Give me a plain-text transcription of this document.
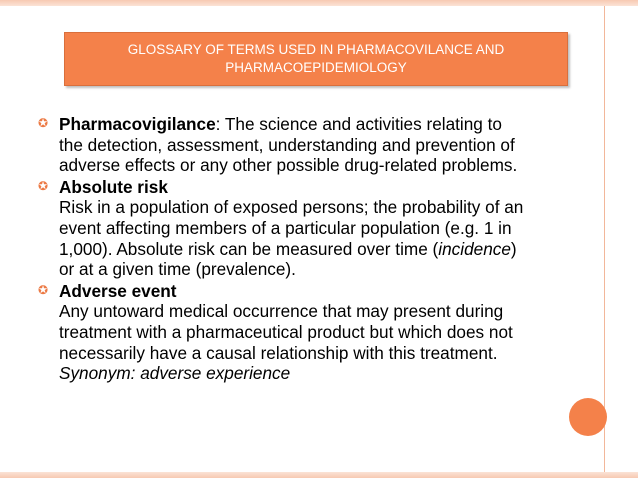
GLOSSARY OF TERMS USED IN PHARMACOVILANCE AND
PHARMACOEPIDEMIOLOGY
✪ Pharmacovigilance: The science and activities relating to
the detection, assessment, understanding and prevention of
adverse effects or any other possible drug-related problems.
✪ Absolute risk
Risk in a population of exposed persons; the probability of an
event affecting members of a particular population (e.g. 1 in
1,000). Absolute risk can be measured over time (incidence)
or at a given time (prevalence).
✪ Adverse event
Any untoward medical occurrence that may present during
treatment with a pharmaceutical product but which does not
necessarily have a causal relationship with this treatment.
Synonym: adverse experience
